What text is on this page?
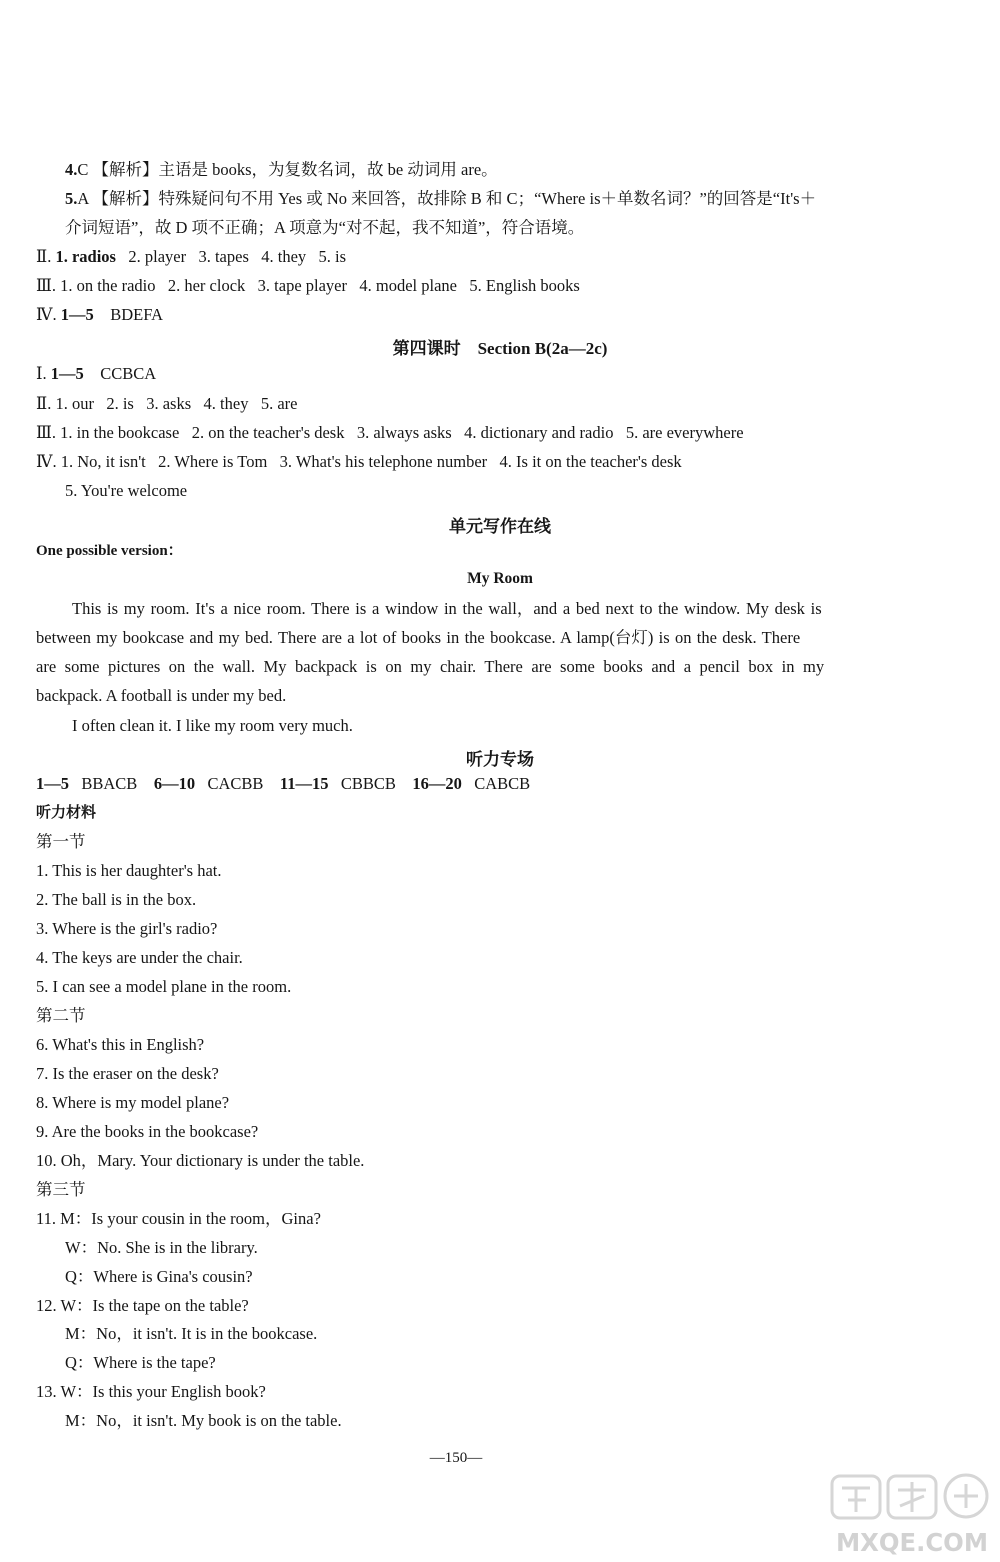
4.C 【解析】主语是 books，为复数名词，故 be 动词用 are。
5.A 【解析】特殊疑问句不用 Yes 或 No 来回答，故排除 B 和 C；“Where is＋单数名词？”的回答是“It's＋
介词短语”，故 D 项不正确；A 项意为“对不起，我不知道”，符合语境。
Ⅱ. 1. radios 2. player 3. tapes 4. they 5. is
Ⅲ. 1. on the radio 2. her clock 3. tape player 4. model plane 5. English books
Ⅳ. 1—5 BDEFA
第四课时　Section B(2a—2c)
Ⅰ. 1—5 CCBCA
Ⅱ. 1. our 2. is 3. asks 4. they 5. are
Ⅲ. 1. in the bookcase 2. on the teacher's desk 3. always asks 4. dictionary and radio 5. are everywhere
Ⅳ. 1. No, it isn't 2. Where is Tom 3. What's his telephone number 4. Is it on the teacher's desk
5. You're welcome
单元写作在线
One possible version：
My Room
This is my room. It's a nice room. There is a window in the wall，and a bed next to the window. My desk is
between my bookcase and my bed. There are a lot of books in the bookcase. A lamp(台灯) is on the desk. There
are some pictures on the wall. My backpack is on my chair. There are some books and a pencil box in my
backpack. A football is under my bed.
I often clean it. I like my room very much.
听力专场
1—5 BBACB 6—10 CACBB 11—15 CBBCB 16—20 CABCB
听力材料
第一节
1. This is her daughter's hat.
2. The ball is in the box.
3. Where is the girl's radio?
4. The keys are under the chair.
5. I can see a model plane in the room.
第二节
6. What's this in English?
7. Is the eraser on the desk?
8. Where is my model plane?
9. Are the books in the bookcase?
10. Oh，Mary. Your dictionary is under the table.
第三节
11. M：Is your cousin in the room，Gina?
W：No. She is in the library.
Q：Where is Gina's cousin?
12. W：Is the tape on the table?
M：No，it isn't. It is in the bookcase.
Q：Where is the tape?
13. W：Is this your English book?
M：No，it isn't. My book is on the table.
—150—
MXQE.COM
